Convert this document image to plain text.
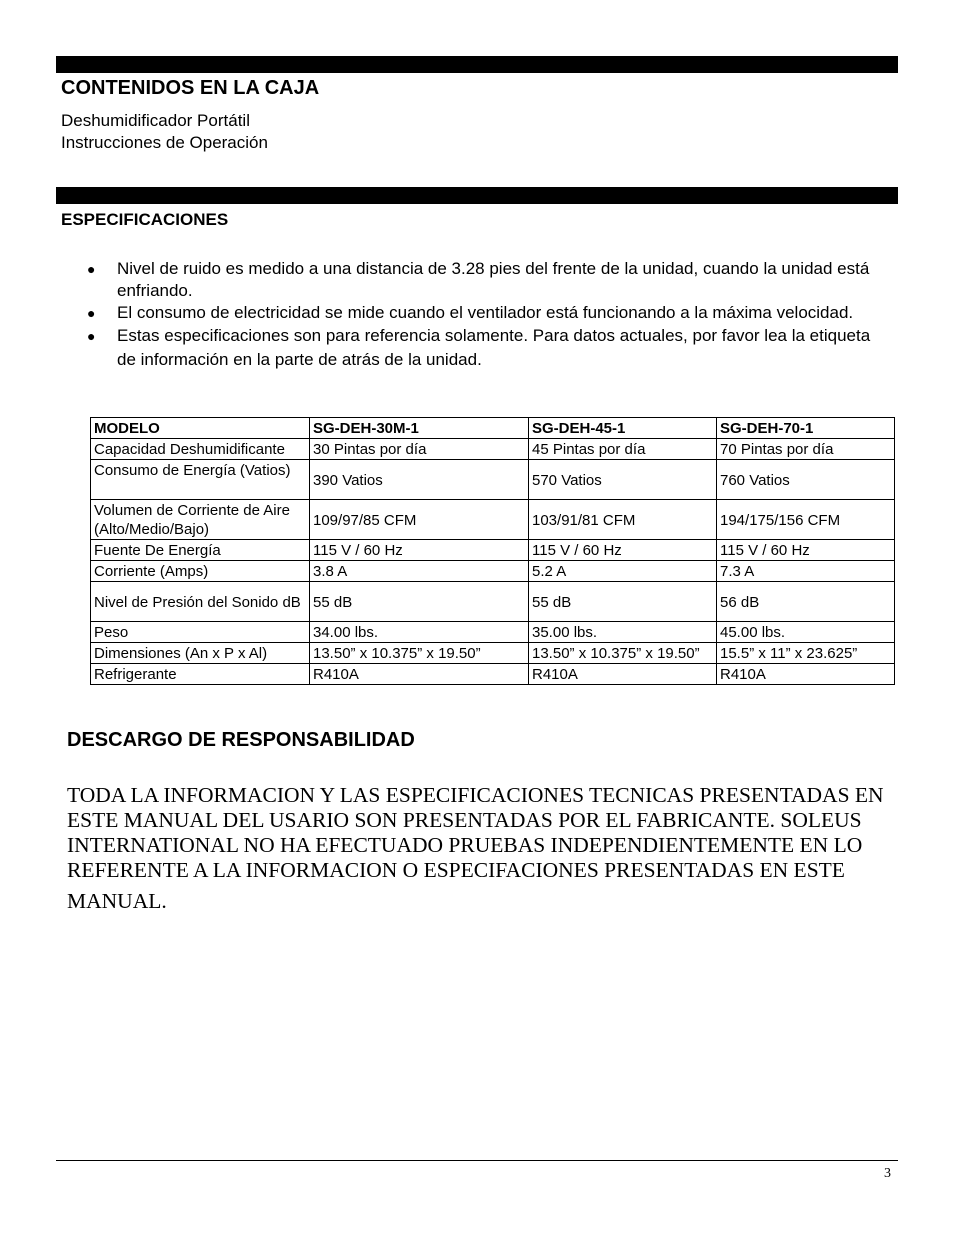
CONTENIDOS EN LA CAJA
Deshumidificador Portátil
Instrucciones de Operación
ESPECIFICACIONES
● Nivel de ruido es medido a una distancia de 3.28 pies del frente de la unidad, cuando la unidad está enfriando.
● El consumo de electricidad se mide cuando el ventilador está funcionando a la máxima velocidad.
● Estas especificaciones son para referencia solamente. Para datos actuales, por favor lea la etiqueta de información en la parte de atrás de la unidad.
MODELO	SG-DEH-30M-1	SG-DEH-45-1	SG-DEH-70-1
Capacidad Deshumidificante	30 Pintas por día	45 Pintas por día	70 Pintas por día
Consumo de Energía (Vatios)	390 Vatios	570 Vatios	760 Vatios
Volumen de Corriente de Aire (Alto/Medio/Bajo)	109/97/85 CFM	103/91/81 CFM	194/175/156 CFM
Fuente De Energía	115 V / 60 Hz	115 V / 60 Hz	115 V / 60 Hz
Corriente (Amps)	3.8 A	5.2 A	7.3 A
Nivel de Presión del Sonido dB	55 dB	55 dB	56 dB
Peso	34.00 lbs.	35.00 lbs.	45.00 lbs.
Dimensiones (An x P x Al)	13.50” x 10.375” x 19.50”	13.50” x 10.375” x 19.50”	15.5” x 11” x 23.625”
Refrigerante	R410A	R410A	R410A
DESCARGO DE RESPONSABILIDAD

TODA LA INFORMACION Y LAS ESPECIFICACIONES TECNICAS PRESENTADAS EN ESTE MANUAL DEL USARIO SON PRESENTADAS POR EL FABRICANTE. SOLEUS INTERNATIONAL NO HA EFECTUADO PRUEBAS INDEPENDIENTEMENTE EN LO REFERENTE A LA INFORMACION O ESPECIFACIONES PRESENTADAS EN ESTE
MANUAL.

3
